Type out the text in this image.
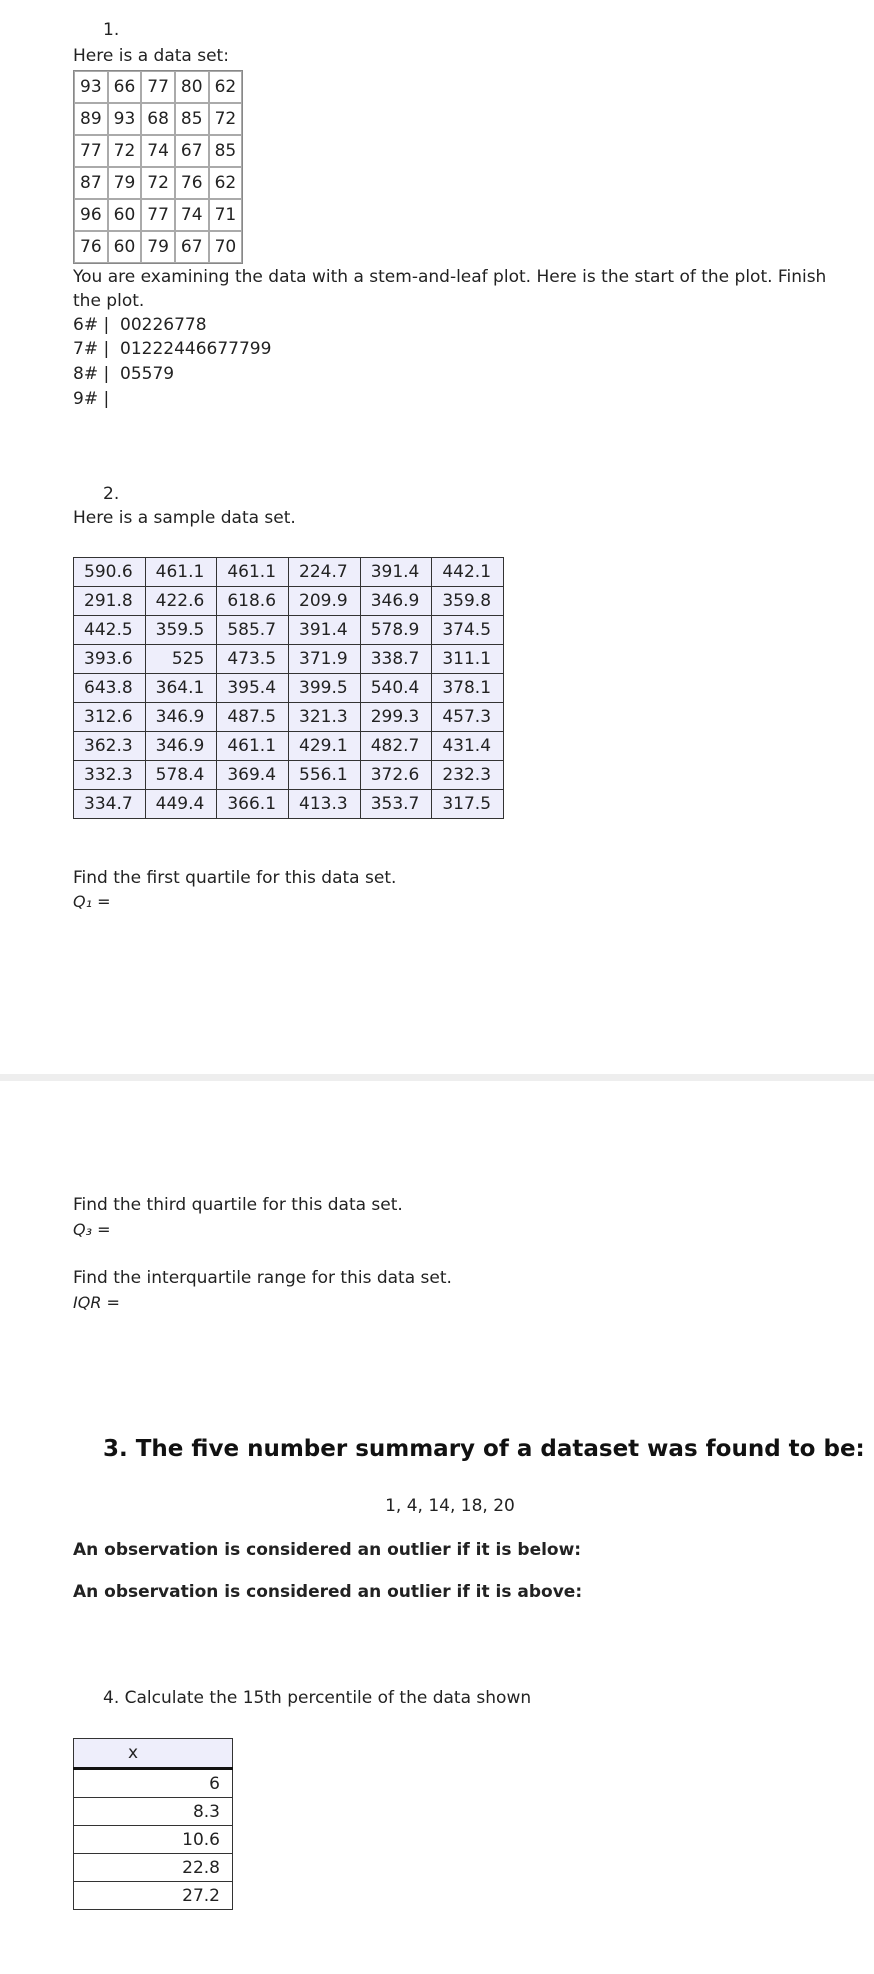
1.
Here is a data set:
93	66	77	80	62
89	93	68	85	72
77	72	74	67	85
87	79	72	76	62
96	60	77	74	71
76	60	79	67	70
You are examining the data with a stem-and-leaf plot. Here is the start of the plot. Finish
the plot.
6# |  00226778
7# |  01222446677799
8# |  05579
9# |
2.
Here is a sample data set.
590.6	461.1	461.1	224.7	391.4	442.1
291.8	422.6	618.6	209.9	346.9	359.8
442.5	359.5	585.7	391.4	578.9	374.5
393.6	525	473.5	371.9	338.7	311.1
643.8	364.1	395.4	399.5	540.4	378.1
312.6	346.9	487.5	321.3	299.3	457.3
362.3	346.9	461.1	429.1	482.7	431.4
332.3	578.4	369.4	556.1	372.6	232.3
334.7	449.4	366.1	413.3	353.7	317.5
Find the first quartile for this data set.
Q₁ =
Find the third quartile for this data set.
Q₃ =
Find the interquartile range for this data set.
IQR =
3. The five number summary of a dataset was found to be:
1, 4, 14, 18, 20
An observation is considered an outlier if it is below:
An observation is considered an outlier if it is above:
4. Calculate the 15th percentile of the data shown
x
6
8.3
10.6
22.8
27.2
